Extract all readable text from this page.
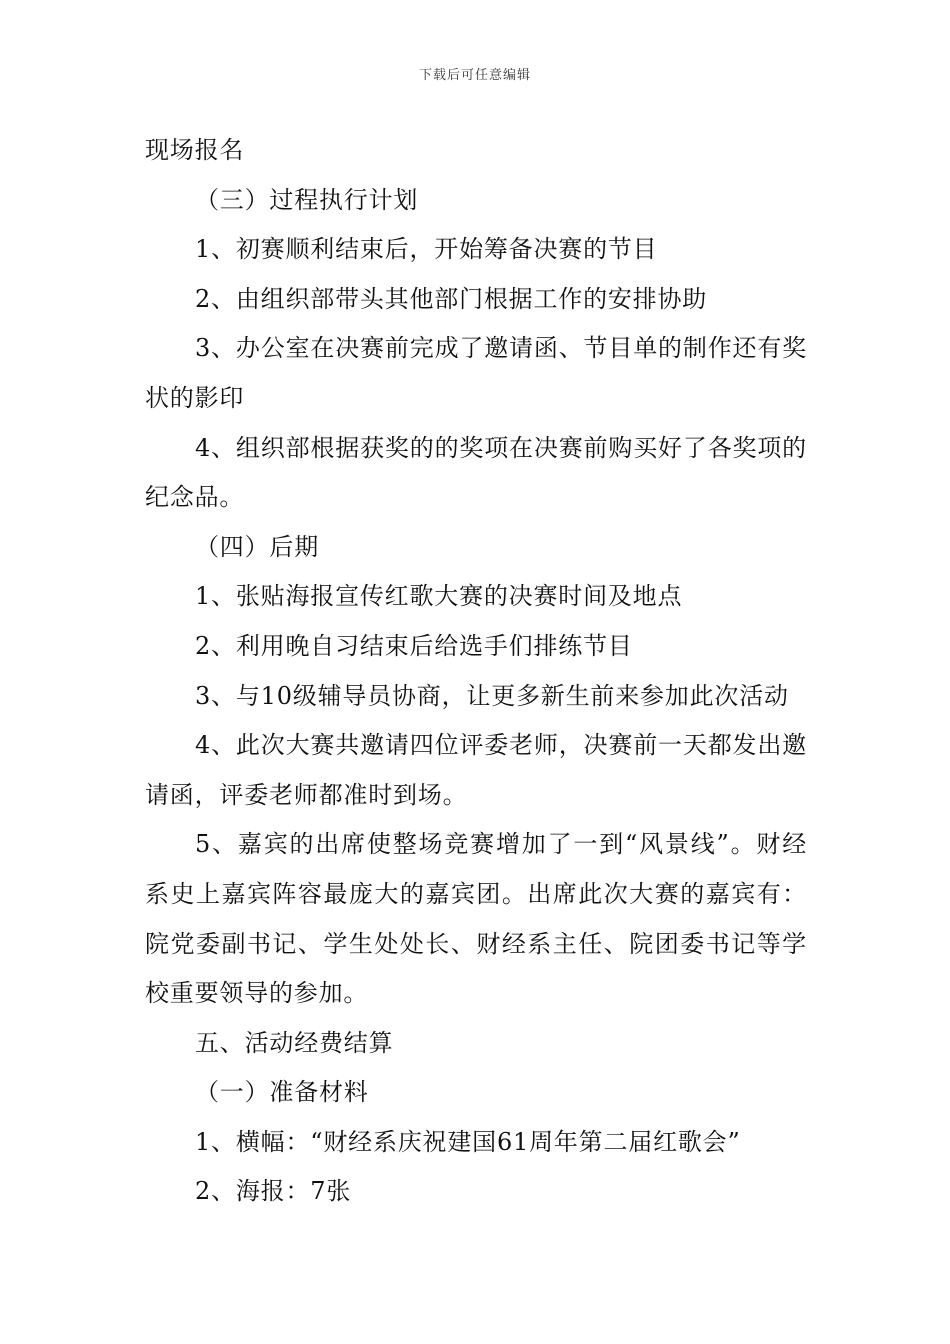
下载后可任意编辑

现场报名

（三）过程执行计划

1、初赛顺利结束后，开始筹备决赛的节目

2、由组织部带头其他部门根据工作的安排协助

3、办公室在决赛前完成了邀请函、节目单的制作还有奖状的影印

4、组织部根据获奖的的奖项在决赛前购买好了各奖项的纪念品。

（四）后期

1、张贴海报宣传红歌大赛的决赛时间及地点

2、利用晚自习结束后给选手们排练节目

3、与10级辅导员协商，让更多新生前来参加此次活动

4、此次大赛共邀请四位评委老师，决赛前一天都发出邀请函，评委老师都准时到场。

5、嘉宾的出席使整场竞赛增加了一到“风景线”。财经系史上嘉宾阵容最庞大的嘉宾团。出席此次大赛的嘉宾有：院党委副书记、学生处处长、财经系主任、院团委书记等学校重要领导的参加。

五、活动经费结算

（一）准备材料

1、横幅：“财经系庆祝建国61周年第二届红歌会”

2、海报：7张
